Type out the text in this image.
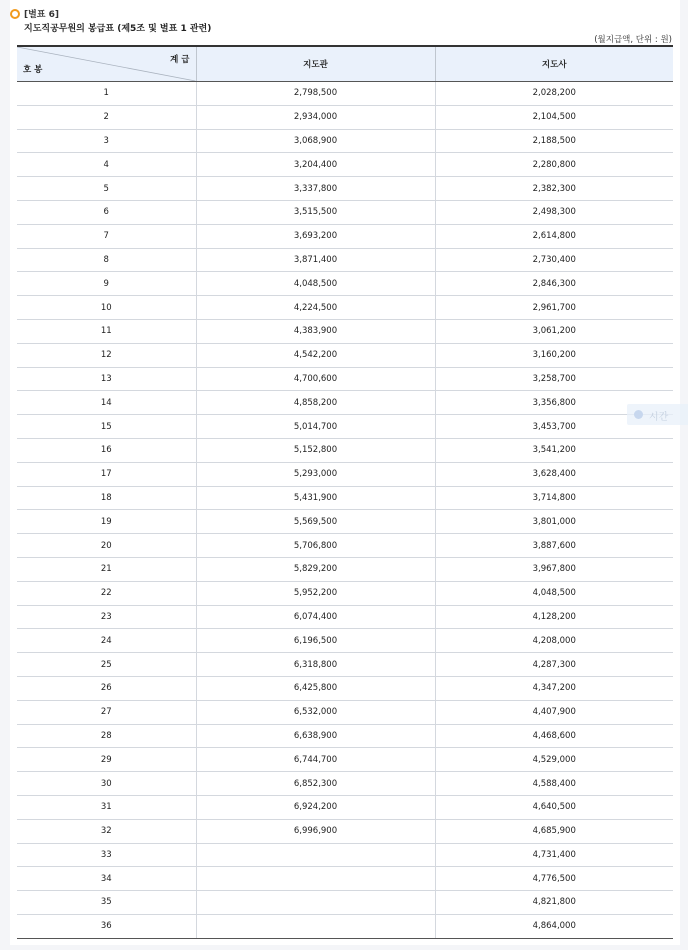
[별표 6]
지도직공무원의 봉급표 (제5조 및 별표 1 관련)
(월지급액, 단위 : 원)
계 급
호 봉	지도관	지도사
1	2,798,500	2,028,200
2	2,934,000	2,104,500
3	3,068,900	2,188,500
4	3,204,400	2,280,800
5	3,337,800	2,382,300
6	3,515,500	2,498,300
7	3,693,200	2,614,800
8	3,871,400	2,730,400
9	4,048,500	2,846,300
10	4,224,500	2,961,700
11	4,383,900	3,061,200
12	4,542,200	3,160,200
13	4,700,600	3,258,700
14	4,858,200	3,356,800
15	5,014,700	3,453,700
16	5,152,800	3,541,200
17	5,293,000	3,628,400
18	5,431,900	3,714,800
19	5,569,500	3,801,000
20	5,706,800	3,887,600
21	5,829,200	3,967,800
22	5,952,200	4,048,500
23	6,074,400	4,128,200
24	6,196,500	4,208,000
25	6,318,800	4,287,300
26	6,425,800	4,347,200
27	6,532,000	4,407,900
28	6,638,900	4,468,600
29	6,744,700	4,529,000
30	6,852,300	4,588,400
31	6,924,200	4,640,500
32	6,996,900	4,685,900
33		4,731,400
34		4,776,500
35		4,821,800
36		4,864,000
시간
